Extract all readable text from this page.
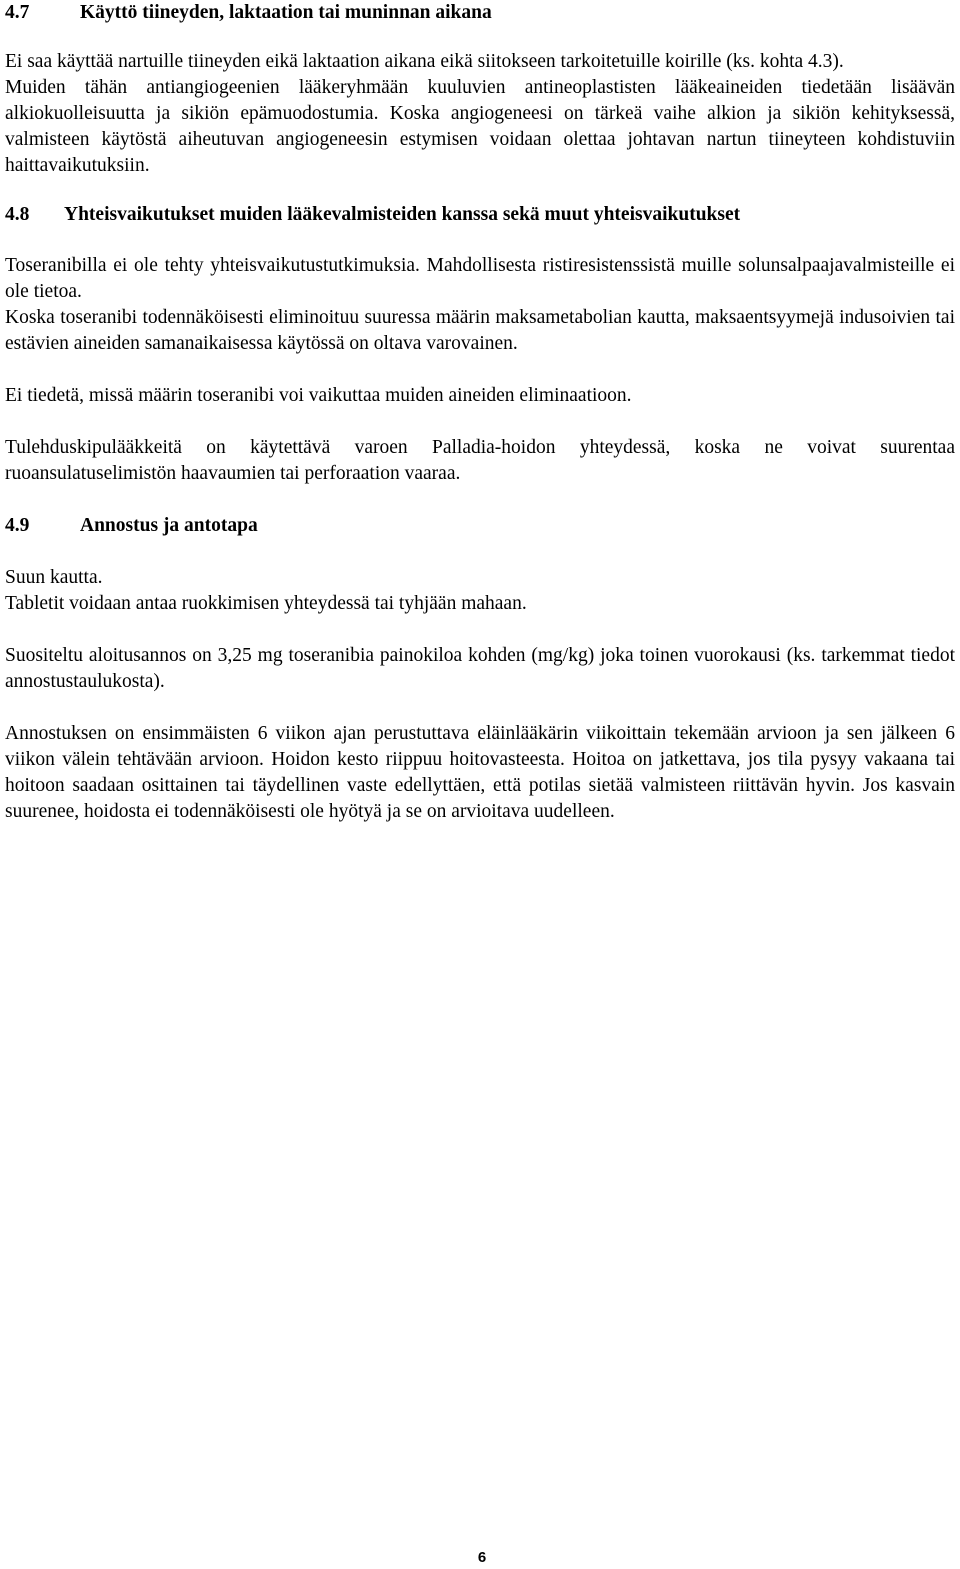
4.7	Käyttö tiineyden, laktaation tai muninnan aikana

Ei saa käyttää nartuille tiineyden eikä laktaation aikana eikä siitokseen tarkoitetuille koirille (ks. kohta 4.3).

Muiden tähän antiangiogeenien lääkeryhmään kuuluvien antineoplastisten lääkeaineiden tiedetään lisäävän alkiokuolleisuutta ja sikiön epämuodostumia. Koska angiogeneesi on tärkeä vaihe alkion ja sikiön kehityksessä, valmisteen käytöstä aiheutuvan angiogeneesin estymisen voidaan olettaa johtavan nartun tiineyteen kohdistuviin haittavaikutuksiin.

4.8	Yhteisvaikutukset muiden lääkevalmisteiden kanssa sekä muut yhteisvaikutukset

Toseranibilla ei ole tehty yhteisvaikutustutkimuksia. Mahdollisesta ristiresistenssistä muille solunsalpaajavalmisteille ei ole tietoa.

Koska toseranibi todennäköisesti eliminoituu suuressa määrin maksametabolian kautta, maksaentsyymejä indusoivien tai estävien aineiden samanaikaisessa käytössä on oltava varovainen.

Ei tiedetä, missä määrin toseranibi voi vaikuttaa muiden aineiden eliminaatioon.

Tulehduskipulääkkeitä on käytettävä varoen Palladia-hoidon yhteydessä, koska ne voivat suurentaa ruoansulatuselimistön haavaumien tai perforaation vaaraa.

4.9	Annostus ja antotapa

Suun kautta.

Tabletit voidaan antaa ruokkimisen yhteydessä tai tyhjään mahaan.

Suositeltu aloitusannos on 3,25 mg toseranibia painokiloa kohden (mg/kg) joka toinen vuorokausi (ks. tarkemmat tiedot annostustaulukosta).

Annostuksen on ensimmäisten 6 viikon ajan perustuttava eläinlääkärin viikoittain tekemään arvioon ja sen jälkeen 6 viikon välein tehtävään arvioon. Hoidon kesto riippuu hoitovasteesta. Hoitoa on jatkettava, jos tila pysyy vakaana tai hoitoon saadaan osittainen tai täydellinen vaste edellyttäen, että potilas sietää valmisteen riittävän hyvin. Jos kasvain suurenee, hoidosta ei todennäköisesti ole hyötyä ja se on arvioitava uudelleen.

6
